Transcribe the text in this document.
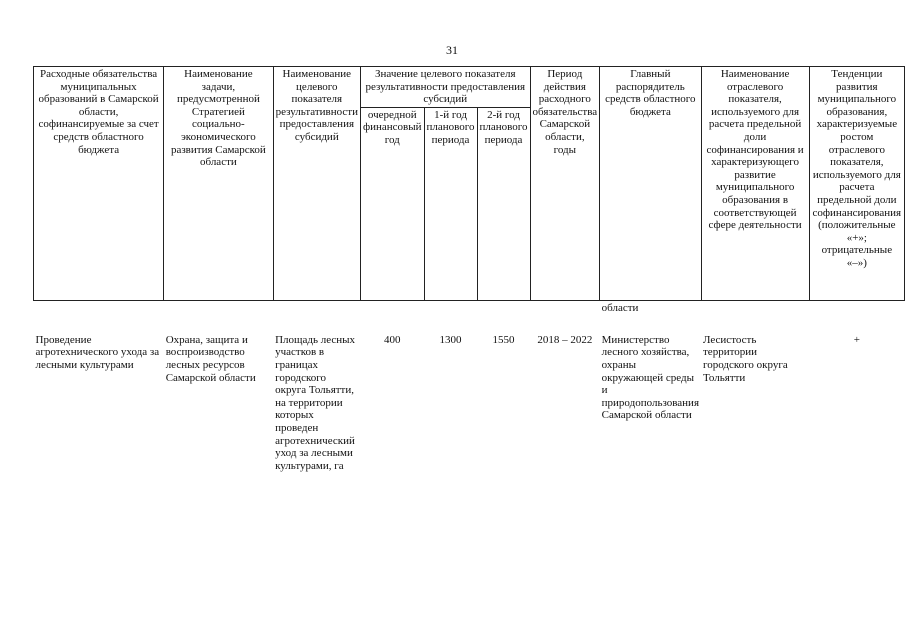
31
Расходные обязательства муниципальных образований в Самарской области, софинансируемые за счет средств областного бюджета	Наименование задачи, предусмотренной Стратегией социально-экономического развития Самарской области	Наименование целевого показателя результативности предоставления субсидий	Значение целевого показателя результативности предоставления субсидий			Период действия расходного обязательства Самарской области, годы	Главный распорядитель средств областного бюджета	Наименование отраслевого показателя, используемого для расчета предельной доли софинансирования и характеризующего развитие муниципального образования в соответствующей сфере деятельности	Тенденции развития муниципального образования, характеризуемые ростом отраслевого показателя, используемого для расчета предельной доли софинансирования (положительные «+»; отрицательные «–»)
			очередной финансовый год	1-й год планового периода	2-й год планового периода				
							области		

Проведение агротехнического ухода за лесными культурами	Охрана, защита и воспроизводство лесных ресурсов Самарской области	Площадь лесных участков в границах городского округа Тольятти, на территории которых проведен агротехнический уход за лесными культурами, га	400	1300	1550	2018 – 2022	Министерство лесного хозяйства, охраны окружающей среды и природопользования Самарской области	Лесистость территории городского округа Тольятти	+
